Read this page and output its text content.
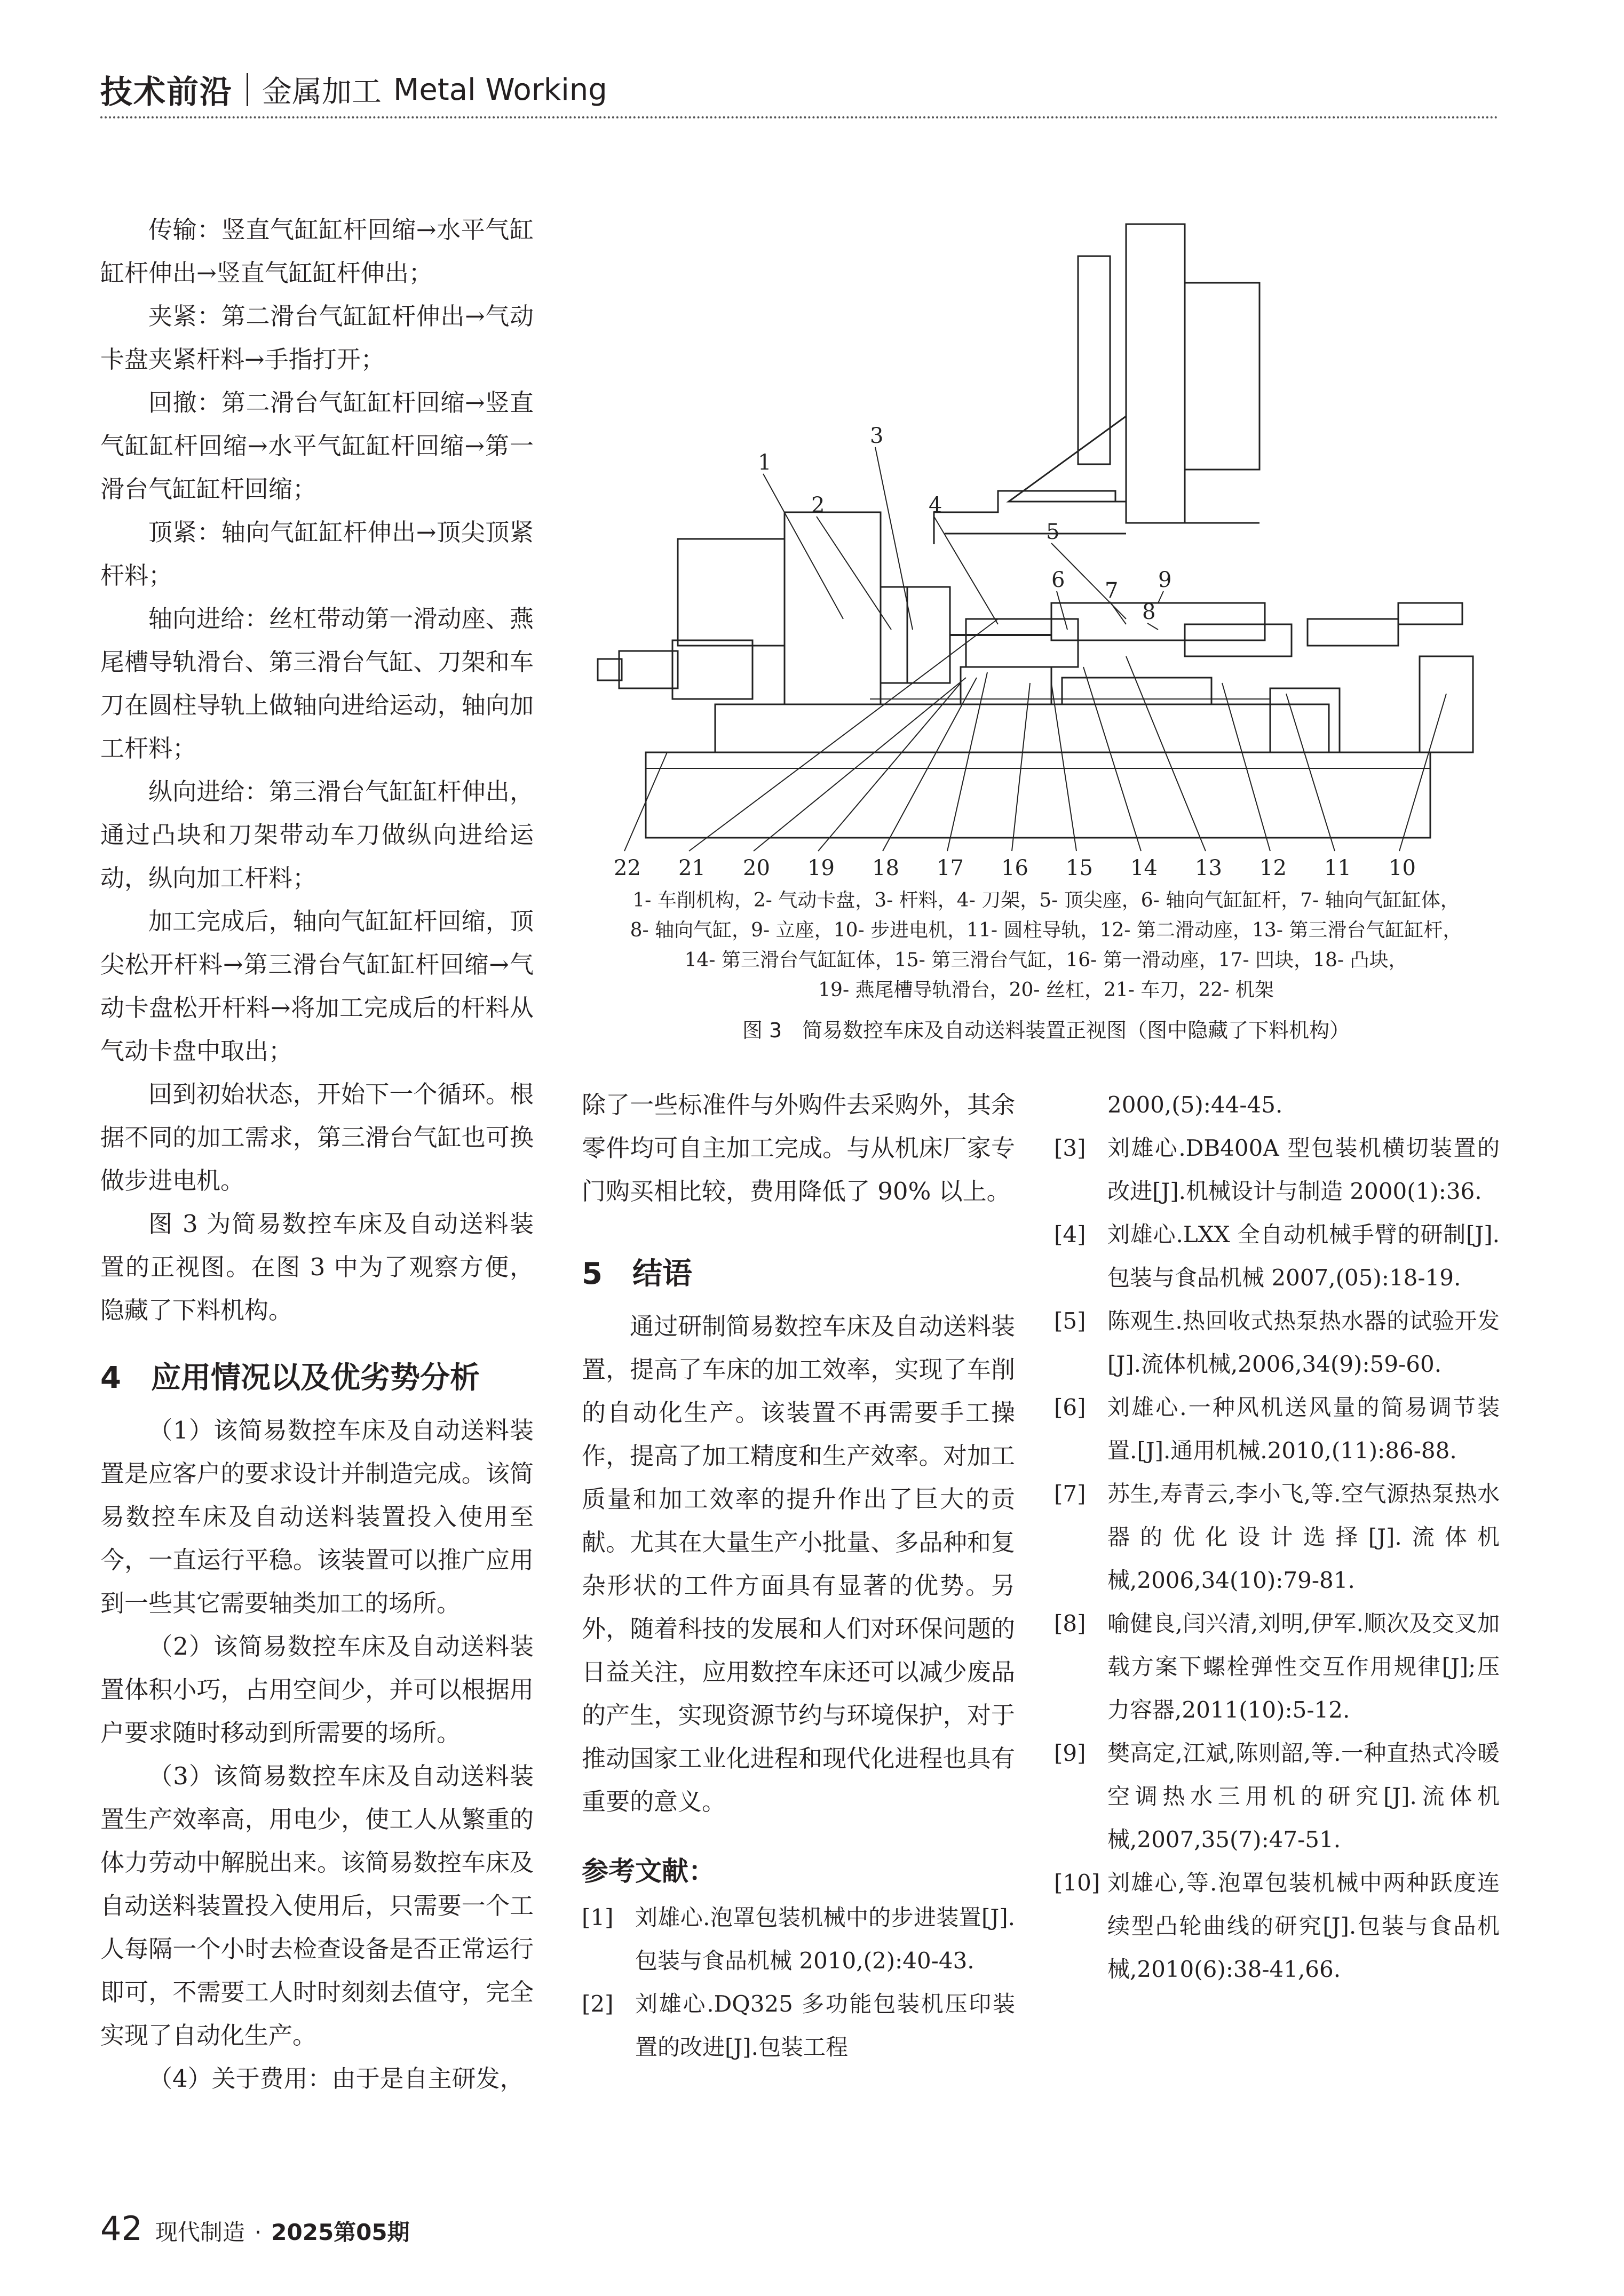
技术前沿 金属加工 Metal Working

传输：竖直气缸缸杆回缩→水平气缸缸杆伸出→竖直气缸缸杆伸出；

夹紧：第二滑台气缸缸杆伸出→气动卡盘夹紧杆料→手指打开；

回撤：第二滑台气缸缸杆回缩→竖直气缸缸杆回缩→水平气缸缸杆回缩→第一滑台气缸缸杆回缩；

顶紧：轴向气缸缸杆伸出→顶尖顶紧杆料；

轴向进给：丝杠带动第一滑动座、燕尾槽导轨滑台、第三滑台气缸、刀架和车刀在圆柱导轨上做轴向进给运动，轴向加工杆料；

纵向进给：第三滑台气缸缸杆伸出，通过凸块和刀架带动车刀做纵向进给运动，纵向加工杆料；

加工完成后，轴向气缸缸杆回缩，顶尖松开杆料→第三滑台气缸缸杆回缩→气动卡盘松开杆料→将加工完成后的杆料从气动卡盘中取出；

回到初始状态，开始下一个循环。根据不同的加工需求，第三滑台气缸也可换做步进电机。

图 3 为简易数控车床及自动送料装置的正视图。在图 3 中为了观察方便，隐藏了下料机构。

4　应用情况以及优劣势分析

（1）该简易数控车床及自动送料装置是应客户的要求设计并制造完成。该简易数控车床及自动送料装置投入使用至今，一直运行平稳。该装置可以推广应用到一些其它需要轴类加工的场所。

（2）该简易数控车床及自动送料装置体积小巧，占用空间少，并可以根据用户要求随时移动到所需要的场所。

（3）该简易数控车床及自动送料装置生产效率高，用电少，使工人从繁重的体力劳动中解脱出来。该简易数控车床及自动送料装置投入使用后，只需要一个工人每隔一个小时去检查设备是否正常运行即可，不需要工人时时刻刻去值守，完全实现了自动化生产。

（4）关于费用：由于是自主研发，

1
2
3
4
5
6 7
8
9
22 21 20 19 18 17 16 15 14 13 12 11 10
1- 车削机构，2- 气动卡盘，3- 杆料，4- 刀架，5- 顶尖座，6- 轴向气缸缸杆，7- 轴向气缸缸体，
8- 轴向气缸，9- 立座，10- 步进电机，11- 圆柱导轨，12- 第二滑动座，13- 第三滑台气缸缸杆，
14- 第三滑台气缸缸体，15- 第三滑台气缸，16- 第一滑动座，17- 凹块，18- 凸块，
19- 燕尾槽导轨滑台，20- 丝杠，21- 车刀，22- 机架
图 3　简易数控车床及自动送料装置正视图（图中隐藏了下料机构）

除了一些标准件与外购件去采购外，其余零件均可自主加工完成。与从机床厂家专门购买相比较，费用降低了 90% 以上。

5　结语

通过研制简易数控车床及自动送料装置，提高了车床的加工效率，实现了车削的自动化生产。该装置不再需要手工操作，提高了加工精度和生产效率。对加工质量和加工效率的提升作出了巨大的贡献。尤其在大量生产小批量、多品种和复杂形状的工件方面具有显著的优势。另外，随着科技的发展和人们对环保问题的日益关注，应用数控车床还可以减少废品的产生，实现资源节约与环境保护，对于推动国家工业化进程和现代化进程也具有重要的意义。

参考文献：
[1] 刘雄心.泡罩包装机械中的步进装置[J].包装与食品机械 2010,(2):40-43.
[2] 刘雄心.DQ325 多功能包装机压印装置的改进[J].包装工程
2000,(5):44-45.
[3] 刘雄心.DB400A 型包装机横切装置的改进[J].机械设计与制造 2000(1):36.
[4] 刘雄心.LXX 全自动机械手臂的研制[J].包装与食品机械 2007,(05):18-19.
[5] 陈观生.热回收式热泵热水器的试验开发[J].流体机械,2006,34(9):59-60.
[6] 刘雄心.一种风机送风量的简易调节装置.[J].通用机械.2010,(11):86-88.
[7] 苏生,寿青云,李小飞,等.空气源热泵热水器的优化设计选择[J].流体机械,2006,34(10):79-81.
[8] 喻健良,闫兴清,刘明,伊军.顺次及交叉加载方案下螺栓弹性交互作用规律[J];压力容器,2011(10):5-12.
[9] 樊高定,江斌,陈则韶,等.一种直热式冷暖空调热水三用机的研究[J].流体机械,2007,35(7):47-51.
[10] 刘雄心,等.泡罩包装机械中两种跃度连续型凸轮曲线的研究[J].包装与食品机械,2010(6):38-41,66.
42 现代制造 · 2025第05期
